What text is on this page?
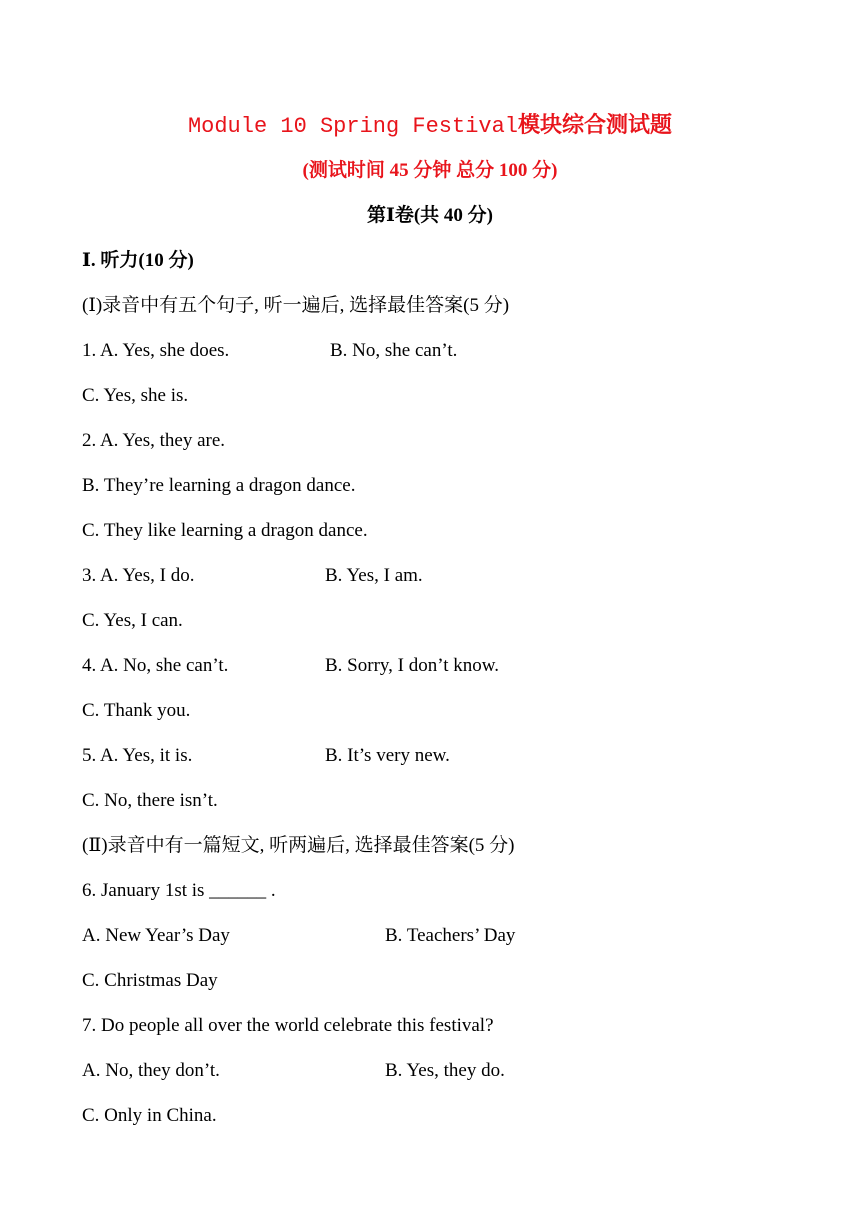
Module 10 Spring Festival模块综合测试题
(测试时间 45 分钟 总分 100 分)
第Ⅰ卷(共 40 分)
Ⅰ. 听力(10 分)
(Ⅰ)录音中有五个句子, 听一遍后, 选择最佳答案(5 分)
1. A. Yes, she does.	B. No, she can’t.
C. Yes, she is.
2. A. Yes, they are.
B. They’re learning a dragon dance.
C. They like learning a dragon dance.
3. A. Yes, I do.	B. Yes, I am.
C. Yes, I can.
4. A. No, she can’t.	B. Sorry, I don’t know.
C. Thank you.
5. A. Yes, it is.	B. It’s very new.
C. No, there isn’t.
(Ⅱ)录音中有一篇短文, 听两遍后, 选择最佳答案(5 分)
6. January 1st is ______ .
A. New Year’s Day	B. Teachers’ Day
C. Christmas Day
7. Do people all over the world celebrate this festival?
A. No, they don’t.	B. Yes, they do.
C. Only in China.
